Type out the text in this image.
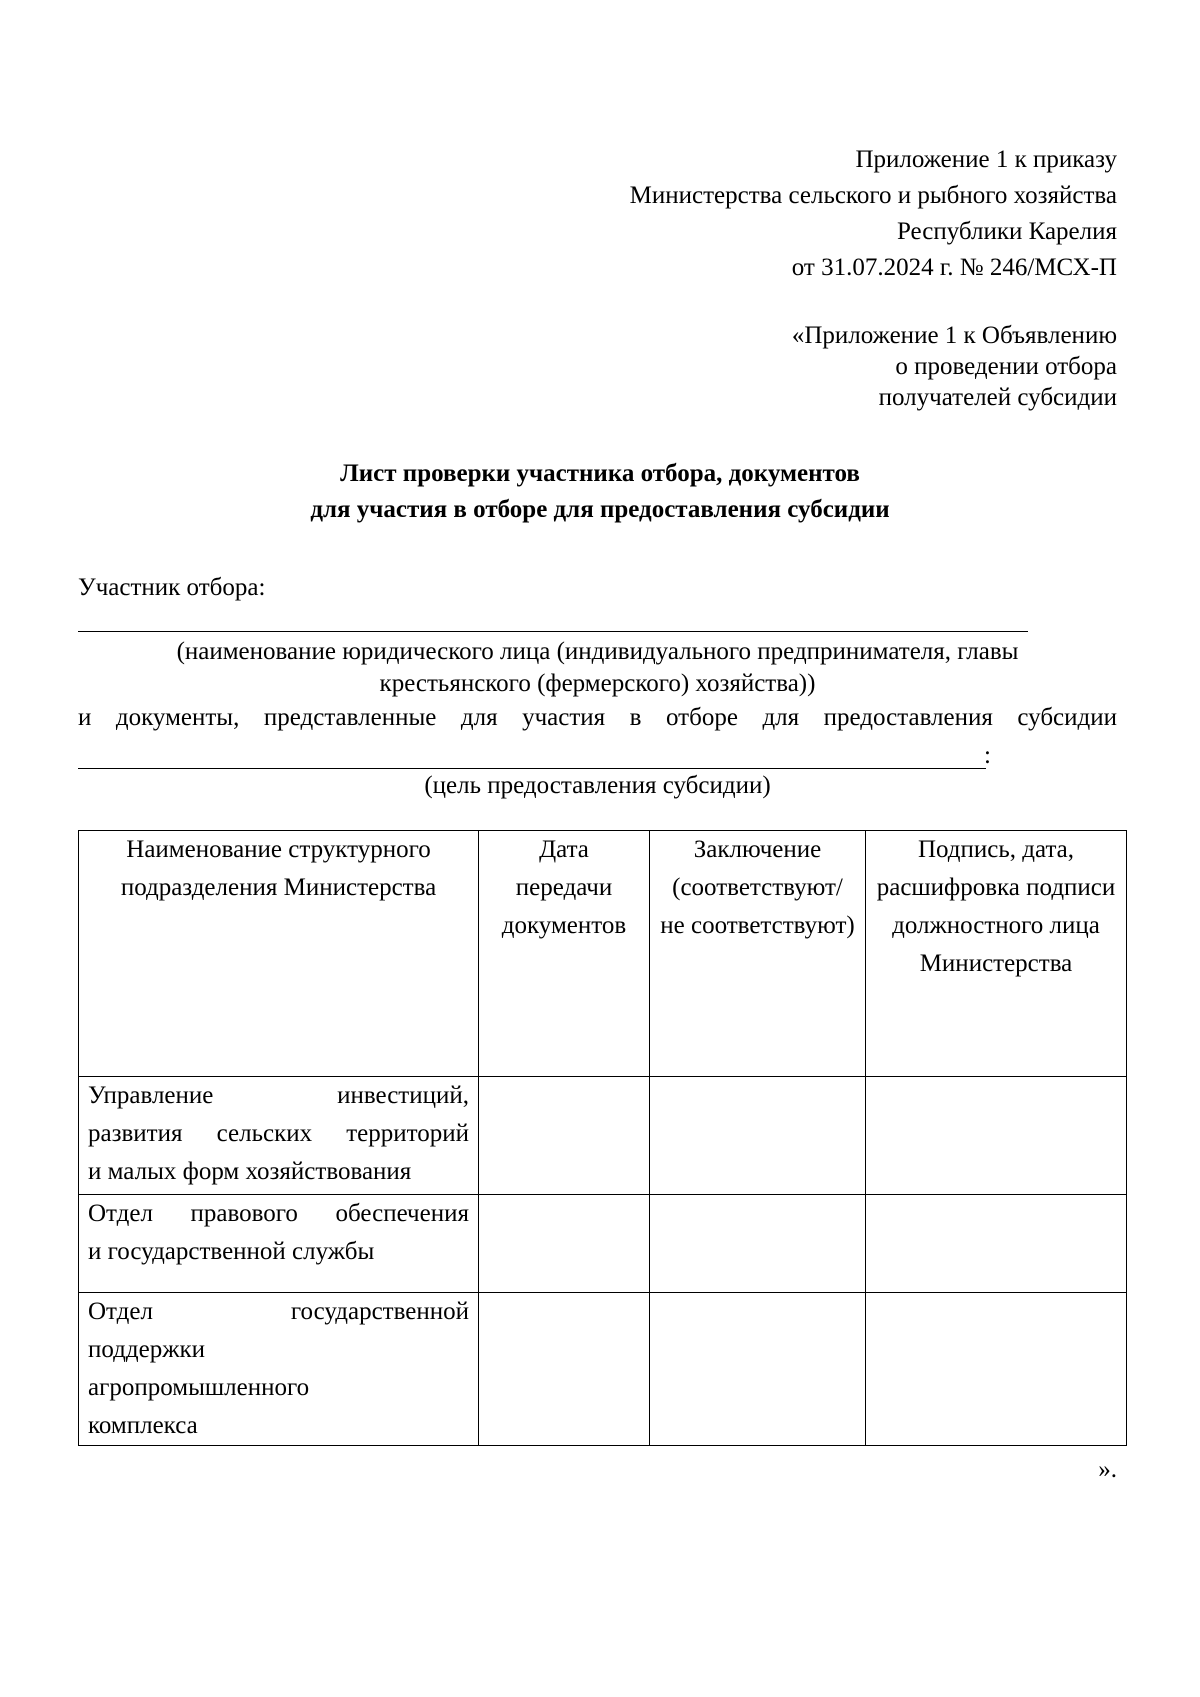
Приложение 1 к приказу
Министерства сельского и рыбного хозяйства
Республики Карелия
от 31.07.2024 г. № 246/МСХ-П
«Приложение 1 к Объявлению
о проведении отбора
получателей субсидии
Лист проверки участника отбора, документов
для участия в отборе для предоставления субсидии
Участник отбора:
(наименование юридического лица (индивидуального предпринимателя, главы
крестьянского (фермерского) хозяйства))
и документы, представленные для участия в отборе для предоставления субсидии
:
(цель предоставления субсидии)
Наименование структурного подразделения Министерства	Дата передачи документов	Заключение (соответствуют/ не соответствуют)	Подпись, дата, расшифровка подписи должностного лица Министерства

Управление инвестиций,
развития сельских территорий
и малых форм хозяйствования			

Отдел правового обеспечения
и государственной службы			

Отдел государственной
поддержки
агропромышленного
комплекса			

».
